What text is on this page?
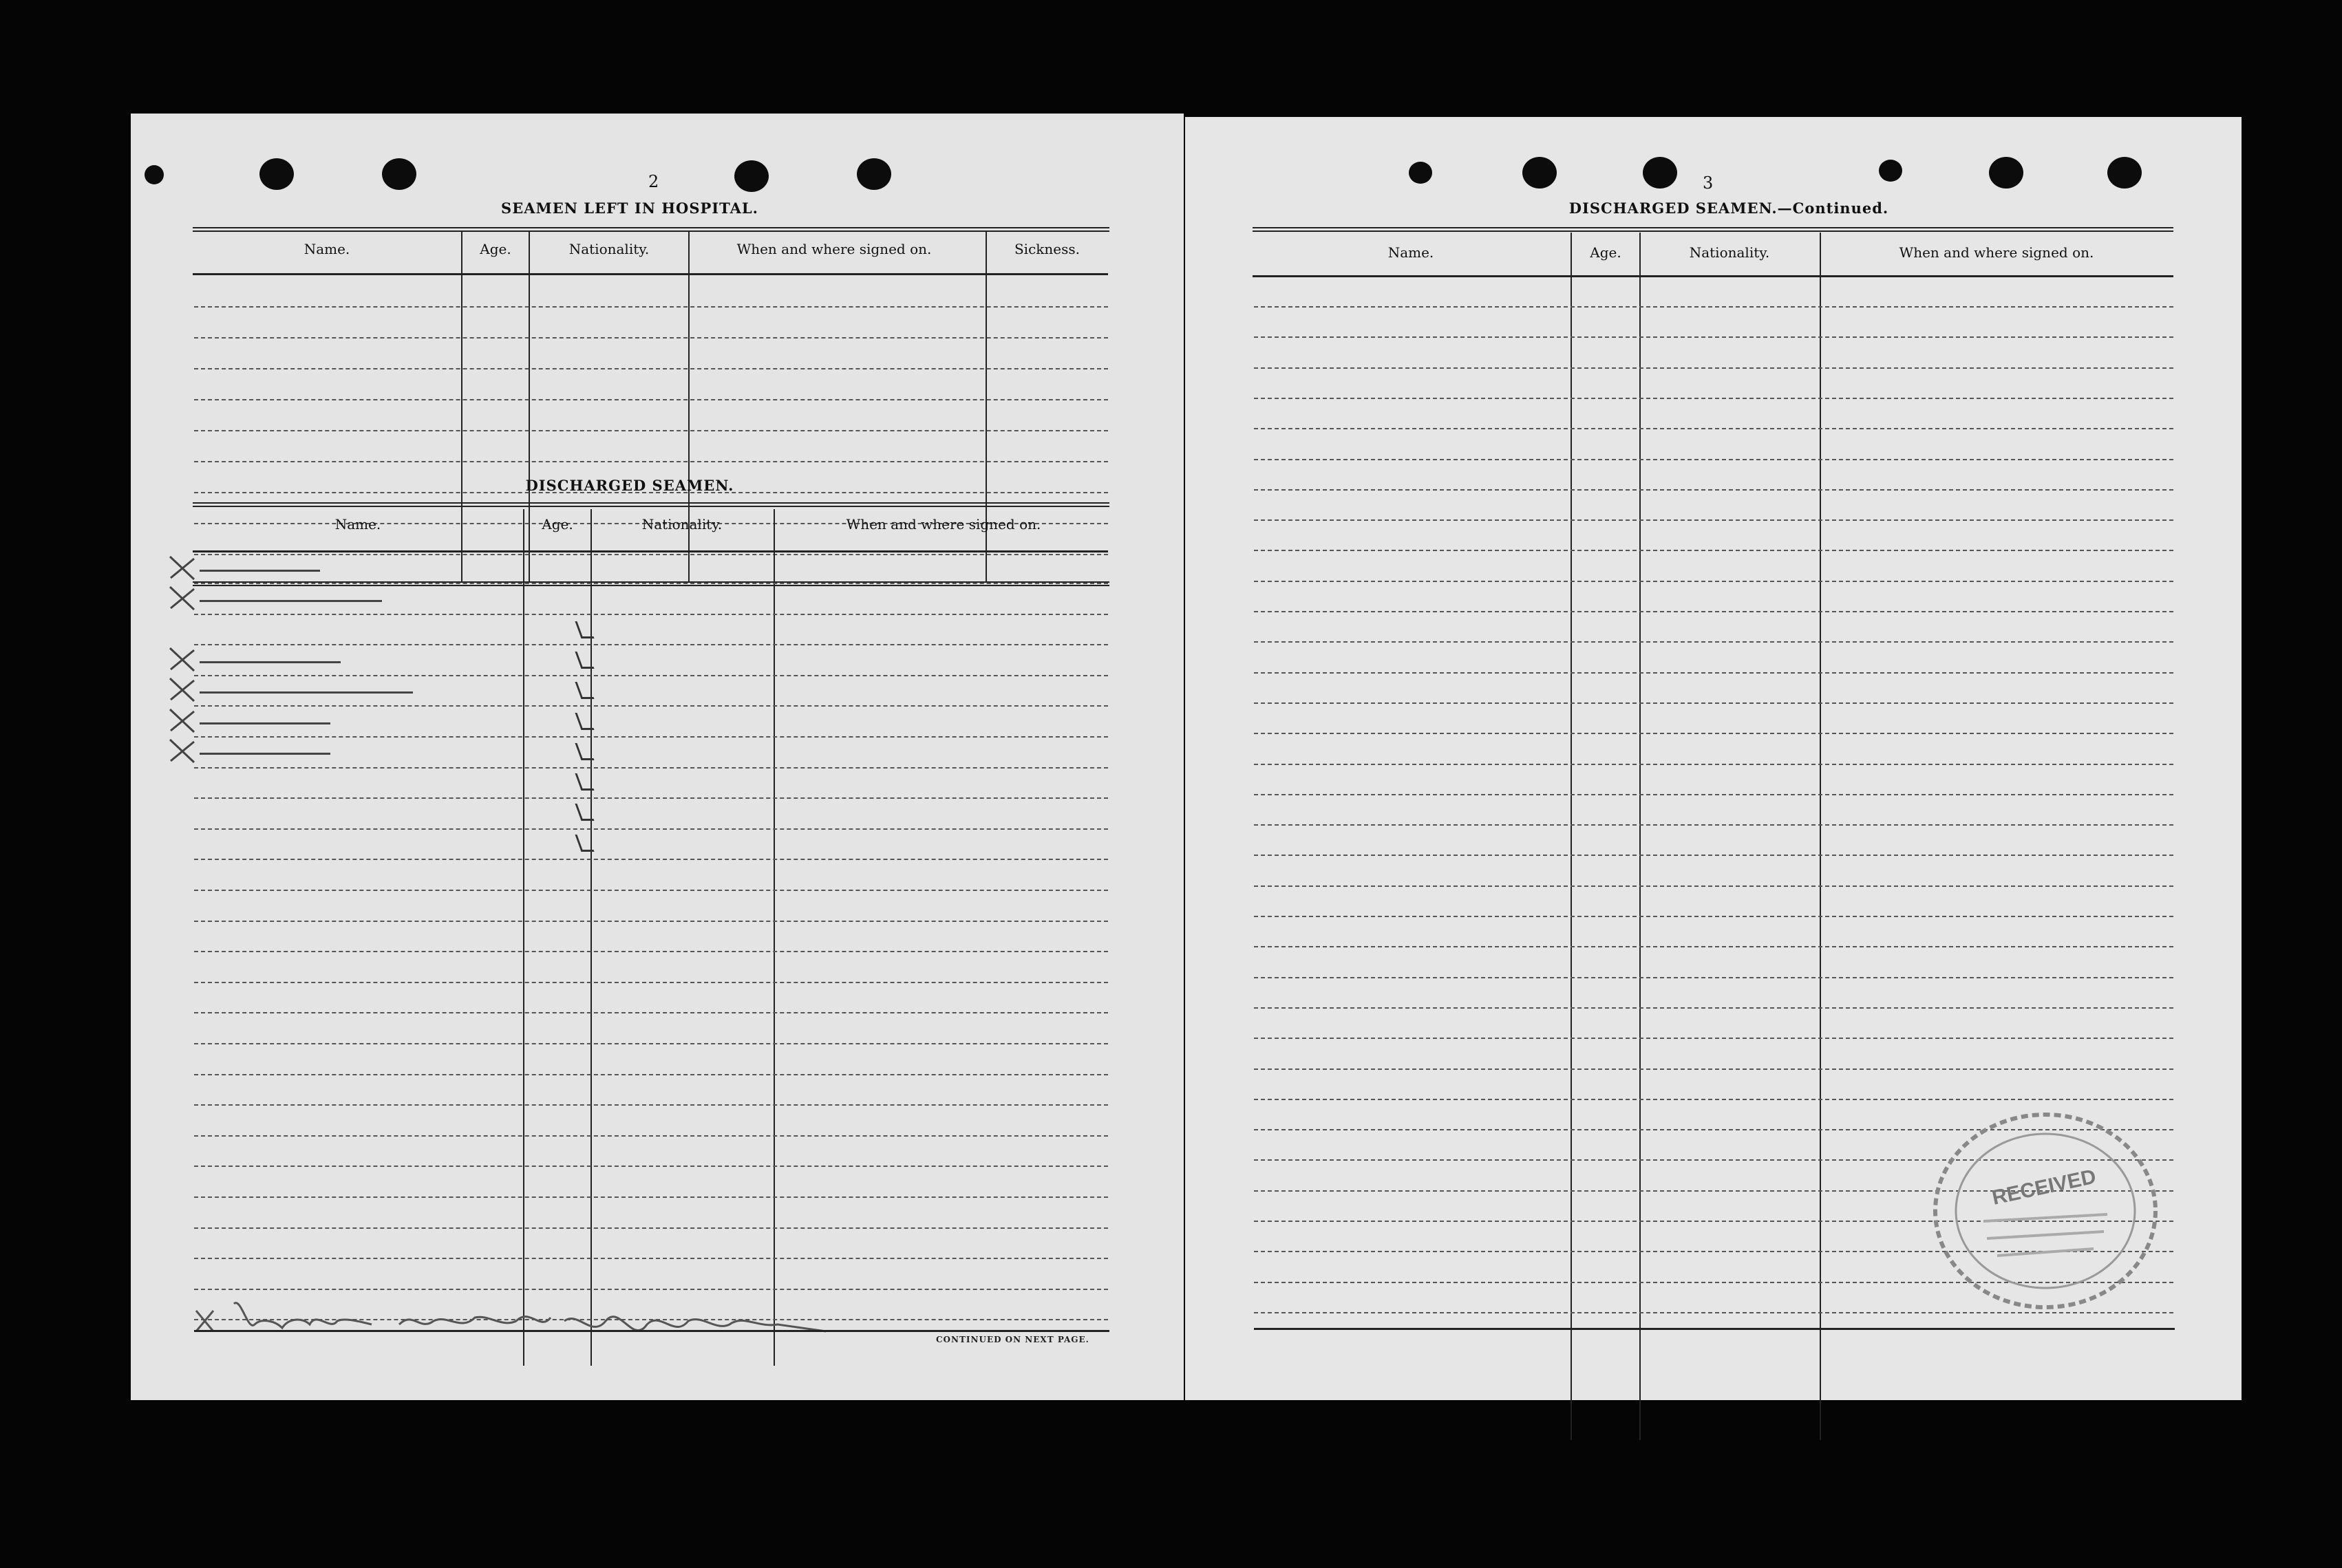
2
SEAMEN LEFT IN HOSPITAL.
Name.	Age.	Nationality.	When and where signed on.	Sickness.
DISCHARGED SEAMEN.
Name.	Age.	Nationality.	When and where signed on.
CONTINUED ON NEXT PAGE.
3
DISCHARGED SEAMEN.—Continued.
Name.	Age.	Nationality.	When and where signed on.
RECEIVED
